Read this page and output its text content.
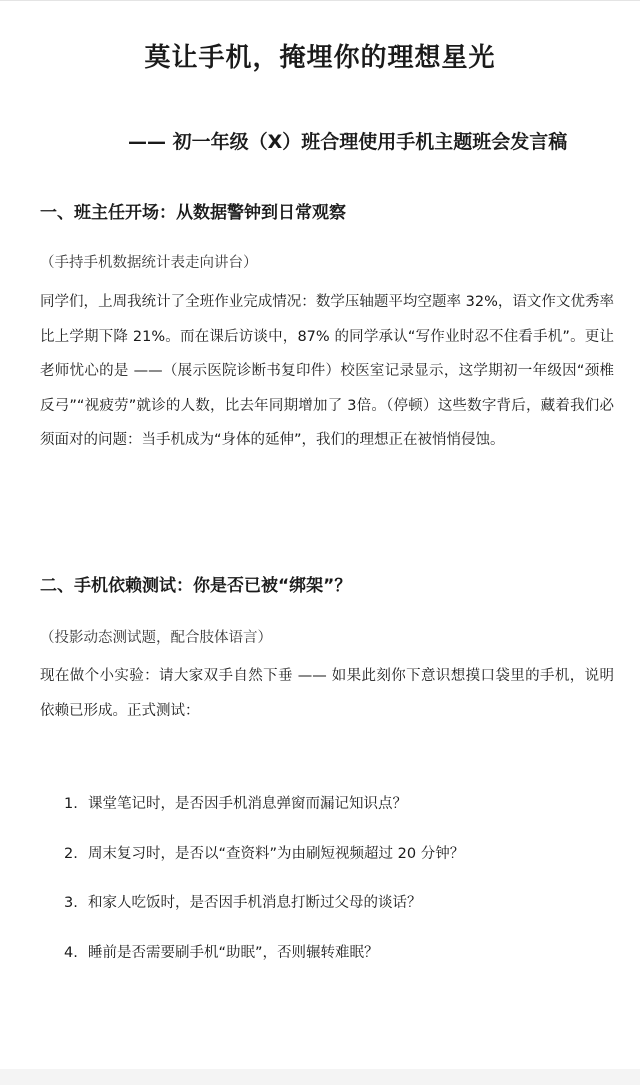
莫让手机，掩埋你的理想星光
—— 初一年级（X）班合理使用手机主题班会发言稿
一、班主任开场：从数据警钟到日常观察
（手持手机数据统计表走向讲台）
同学们，上周我统计了全班作业完成情况：数学压轴题平均空题率 32%，语文作文优秀率比上学期下降 21%。而在课后访谈中，87% 的同学承认“写作业时忍不住看手机”。更让老师忧心的是 ——（展示医院诊断书复印件）校医室记录显示，这学期初一年级因“颈椎反弓”“视疲劳”就诊的人数，比去年同期增加了 3倍。（停顿）这些数字背后，藏着我们必须面对的问题：当手机成为“身体的延伸”，我们的理想正在被悄悄侵蚀。
二、手机依赖测试：你是否已被“绑架”？
（投影动态测试题，配合肢体语言）
现在做个小实验：请大家双手自然下垂 —— 如果此刻你下意识想摸口袋里的手机，说明依赖已形成。正式测试：
1. 课堂笔记时，是否因手机消息弹窗而漏记知识点？
2. 周末复习时，是否以“查资料”为由刷短视频超过 20 分钟？
3. 和家人吃饭时，是否因手机消息打断过父母的谈话？
4. 睡前是否需要刷手机“助眠”，否则辗转难眠？
